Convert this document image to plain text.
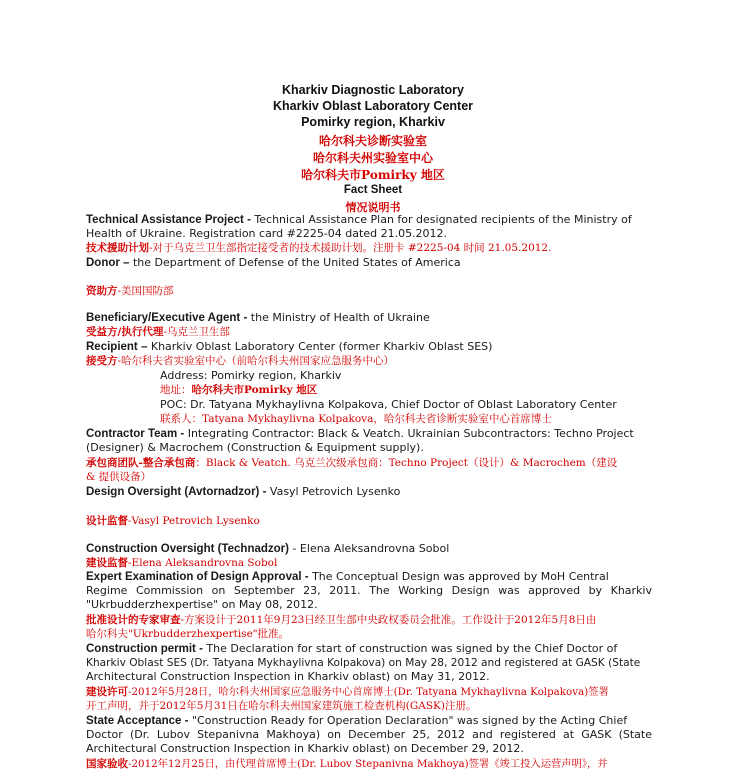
Kharkiv Diagnostic Laboratory
Kharkiv Oblast Laboratory Center
Pomirky region, Kharkiv
哈尔科夫诊断实验室
哈尔科夫州实验室中心
哈尔科夫市Pomirky 地区
Fact Sheet
情况说明书
Technical Assistance Project - Technical Assistance Plan for designated recipients of the Ministry of
Health of Ukraine. Registration card #2225-04 dated 21.05.2012.
技术援助计划-对于乌克兰卫生部指定接受者的技术援助计划。注册卡 #2225-04 时间 21.05.2012.
Donor – the Department of Defense of the United States of America
资助方-美国国防部
Beneficiary/Executive Agent - the Ministry of Health of Ukraine
受益方/执行代理-乌克兰卫生部
Recipient – Kharkiv Oblast Laboratory Center (former Kharkiv Oblast SES)
接受方-哈尔科夫省实验室中心（前哈尔科夫州国家应急服务中心）
Address: Pomirky region, Kharkiv
地址：哈尔科夫市Pomirky 地区
POC: Dr. Tatyana Mykhaylivna Kolpakova, Chief Doctor of Oblast Laboratory Center
联系人：Tatyana Mykhaylivna Kolpakova，哈尔科夫省诊断实验室中心首席博士
Contractor Team - Integrating Contractor: Black & Veatch. Ukrainian Subcontractors: Techno Project
(Designer) & Macrochem (Construction & Equipment supply).
承包商团队-整合承包商：Black & Veatch. 乌克兰次级承包商：Techno Project（设计）& Macrochem（建设
& 提供设备）
Design Oversight (Avtornadzor) - Vasyl Petrovich Lysenko
设计监督-Vasyl Petrovich Lysenko
Construction Oversight (Technadzor) - Elena Aleksandrovna Sobol
建设监督-Elena Aleksandrovna Sobol
Expert Examination of Design Approval - The Conceptual Design was approved by MoH Central
Regime Commission on September 23, 2011. The Working Design was approved by Kharkiv
"Ukrbudderzhexpertise" on May 08, 2012.
批准设计的专家审查-方案设计于2011年9月23日经卫生部中央政权委员会批准。工作设计于2012年5月8日由
哈尔科夫"Ukrbudderzhexpertise"批准。
Construction permit - The Declaration for start of construction was signed by the Chief Doctor of
Kharkiv Oblast SES (Dr. Tatyana Mykhaylivna Kolpakova) on May 28, 2012 and registered at GASK (State
Architectural Construction Inspection in Kharkiv oblast) on May 31, 2012.
建设许可-2012年5月28日，哈尔科夫州国家应急服务中心首席博士(Dr. Tatyana Mykhaylivna Kolpakova)签署
开工声明，并于2012年5月31日在哈尔科夫州国家建筑施工检查机构(GASK)注册。
State Acceptance - "Construction Ready for Operation Declaration" was signed by the Acting Chief
Doctor (Dr. Lubov Stepanivna Makhoya) on December 25, 2012 and registered at GASK (State
Architectural Construction Inspection in Kharkiv oblast) on December 29, 2012.
国家验收-2012年12月25日，由代理首席博士(Dr. Lubov Stepanivna Makhoya)签署《竣工投入运营声明》，并
